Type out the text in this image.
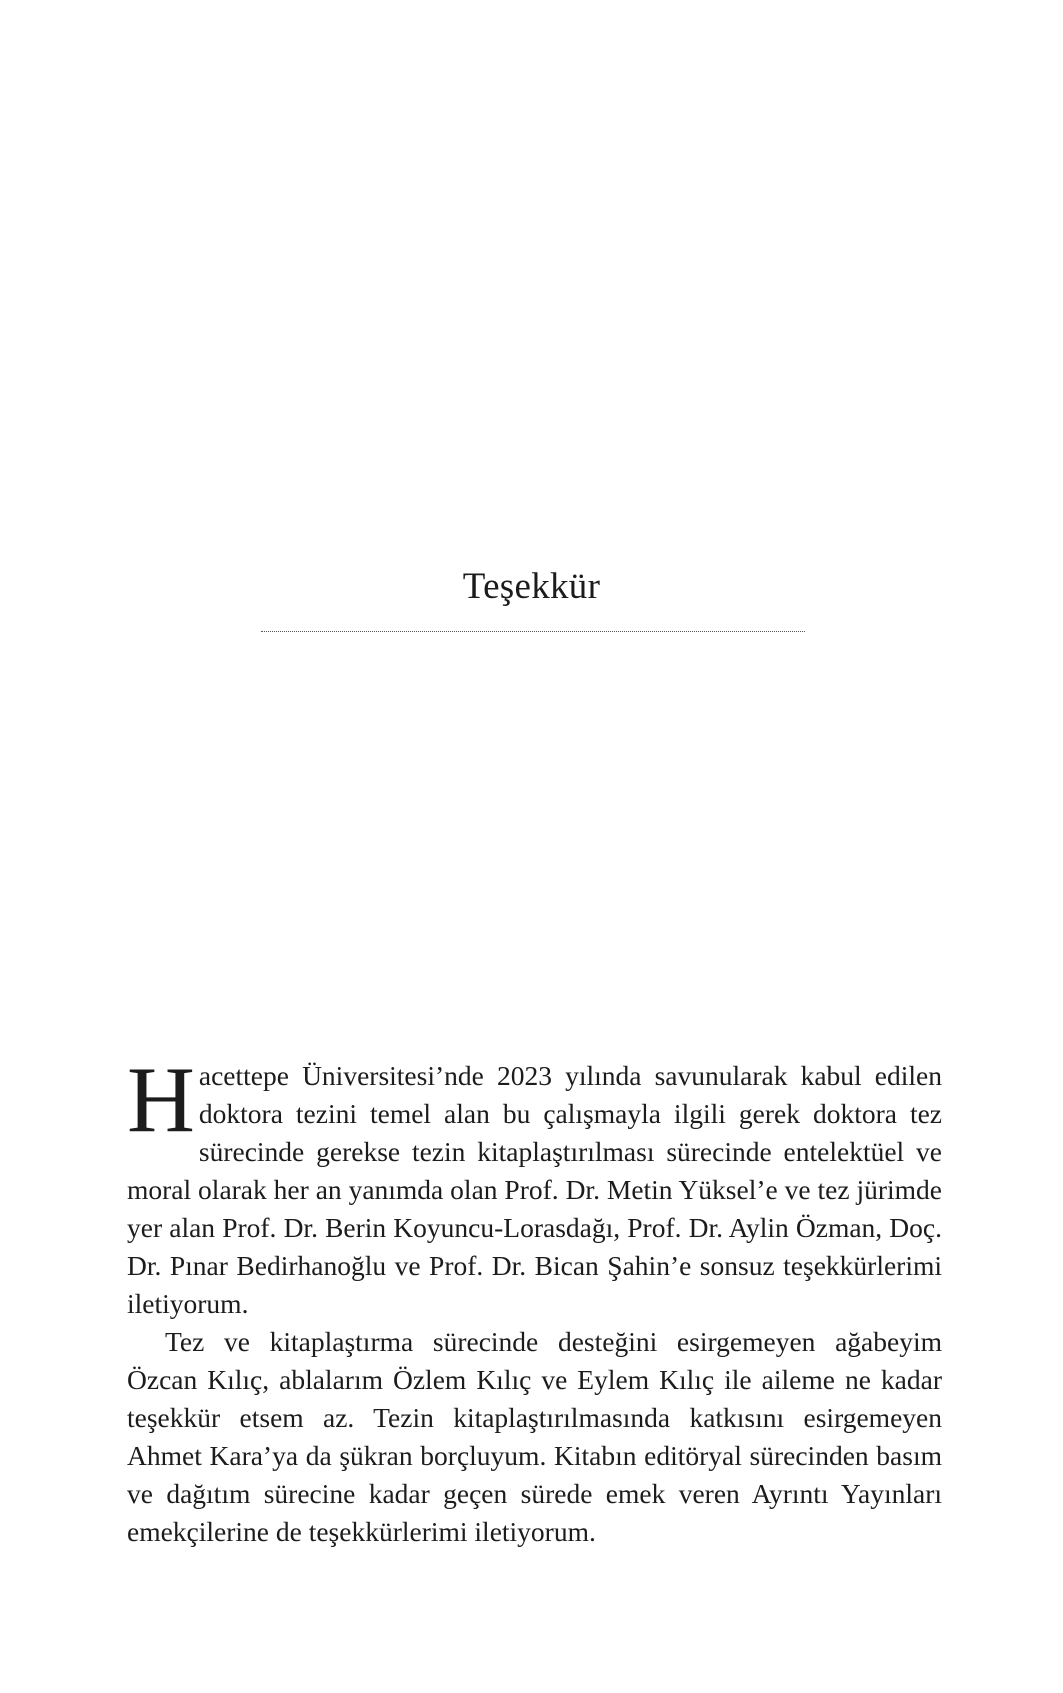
Teşekkür

Hacettepe Üniversitesi’nde 2023 yılında savunularak kabul edilen doktora tezini temel alan bu çalışmayla ilgili gerek doktora tez sürecinde gerekse tezin kitaplaştırılması sürecinde entelektüel ve moral olarak her an yanımda olan Prof. Dr. Metin Yüksel’e ve tez jürimde yer alan Prof. Dr. Berin Koyuncu-Lorasdağı, Prof. Dr. Aylin Özman, Doç. Dr. Pınar Bedirhanoğlu ve Prof. Dr. Bican Şahin’e sonsuz teşekkürlerimi iletiyorum.

Tez ve kitaplaştırma sürecinde desteğini esirgemeyen ağabeyim Özcan Kılıç, ablalarım Özlem Kılıç ve Eylem Kılıç ile aileme ne kadar teşekkür etsem az. Tezin kitaplaştırılmasında katkısını esirgemeyen Ahmet Kara’ya da şükran borçluyum. Kitabın editöryal sürecinden basım ve dağıtım sürecine kadar geçen sürede emek veren Ayrıntı Yayınları emekçilerine de teşekkürlerimi iletiyorum.
